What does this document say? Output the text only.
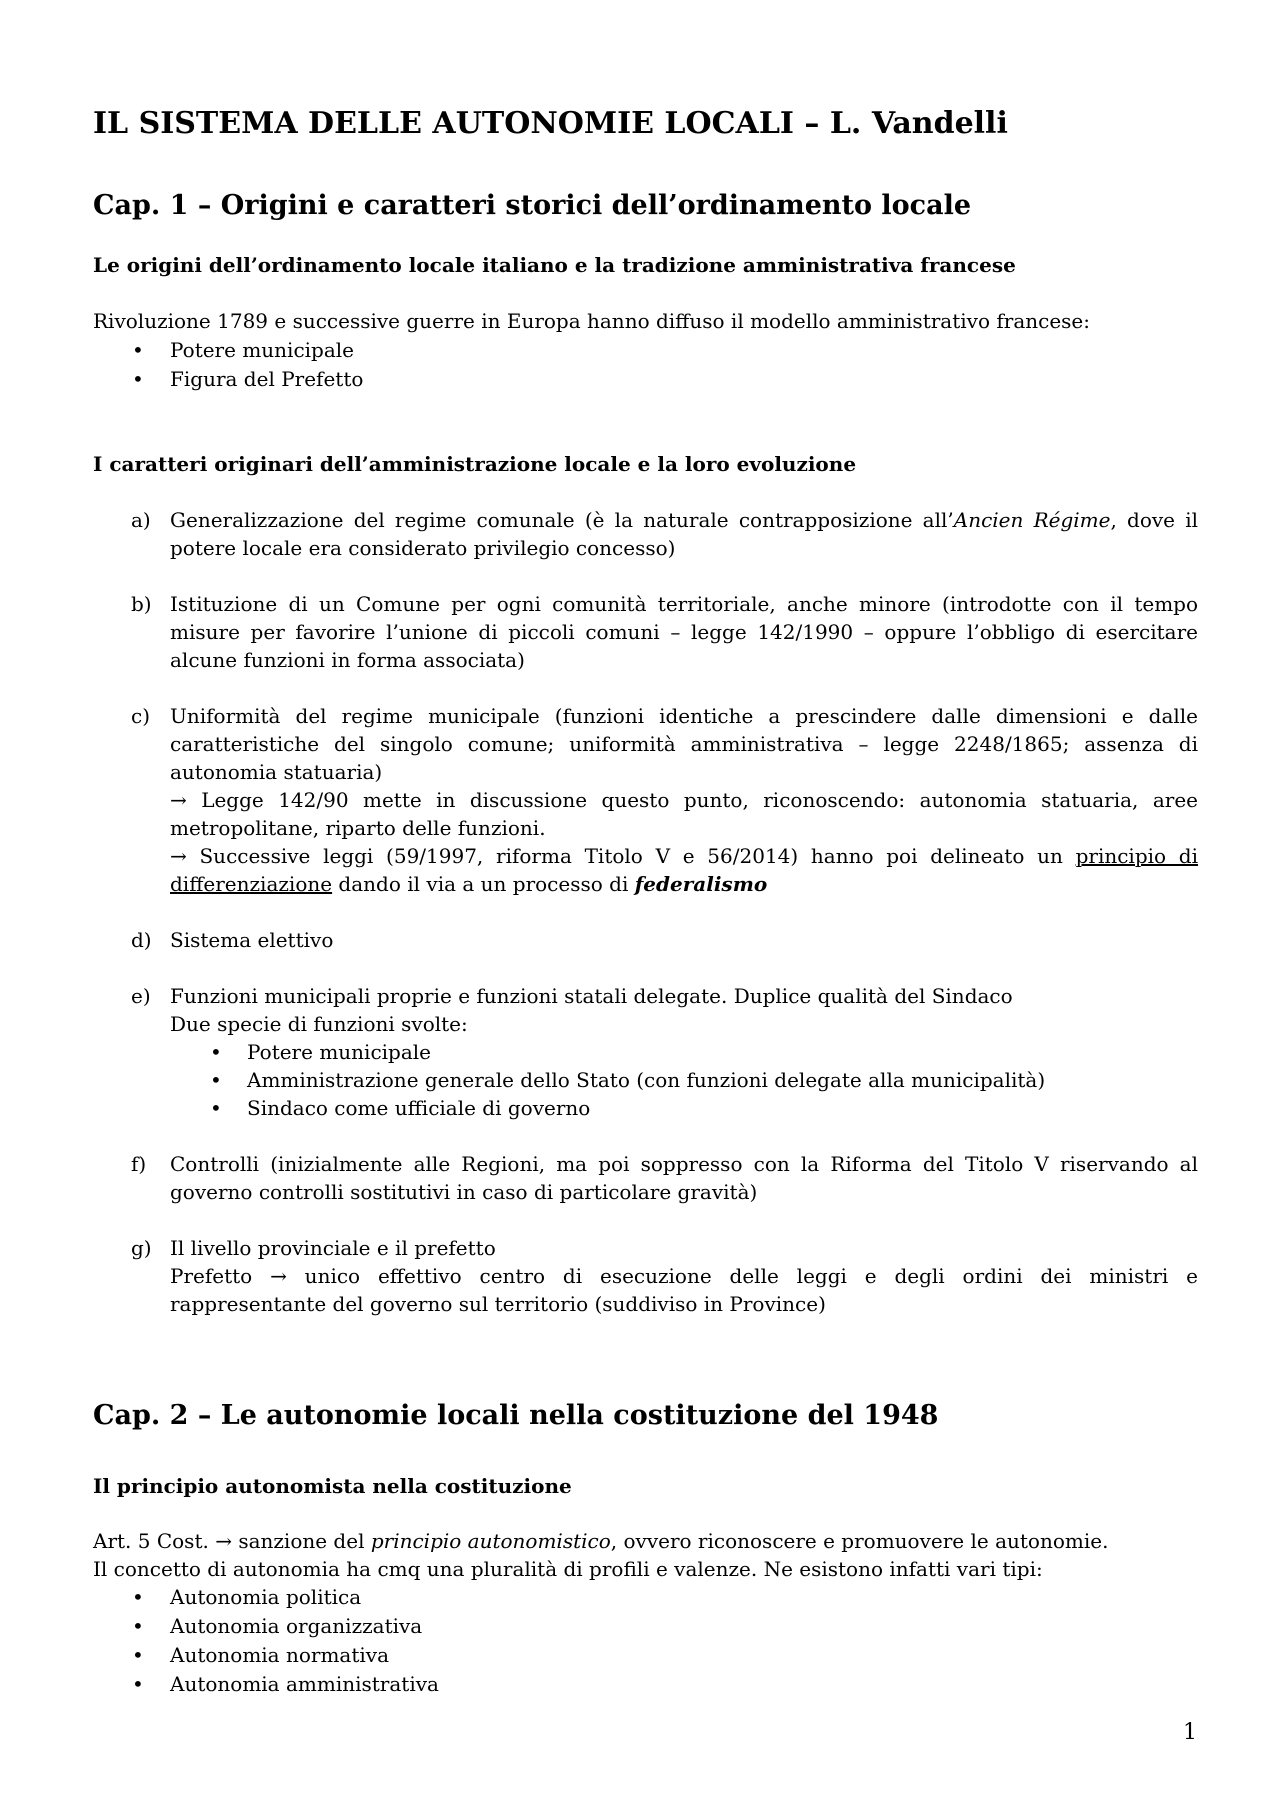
IL SISTEMA DELLE AUTONOMIE LOCALI – L. Vandelli
Cap. 1 – Origini e caratteri storici dell’ordinamento locale
Le origini dell’ordinamento locale italiano e la tradizione amministrativa francese
Rivoluzione 1789 e successive guerre in Europa hanno diffuso il modello amministrativo francese:
• Potere municipale
• Figura del Prefetto
I caratteri originari dell’amministrazione locale e la loro evoluzione
a) Generalizzazione del regime comunale (è la naturale contrapposizione all’Ancien Régime, dove il potere locale era considerato privilegio concesso)
b) Istituzione di un Comune per ogni comunità territoriale, anche minore (introdotte con il tempo misure per favorire l’unione di piccoli comuni – legge 142/1990 – oppure l’obbligo di esercitare alcune funzioni in forma associata)
c) Uniformità del regime municipale (funzioni identiche a prescindere dalle dimensioni e dalle caratteristiche del singolo comune; uniformità amministrativa – legge 2248/1865; assenza di autonomia statuaria)
→ Legge 142/90 mette in discussione questo punto, riconoscendo: autonomia statuaria, aree metropolitane, riparto delle funzioni.
→ Successive leggi (59/1997, riforma Titolo V e 56/2014) hanno poi delineato un principio di differenziazione dando il via a un processo di federalismo
d) Sistema elettivo
e) Funzioni municipali proprie e funzioni statali delegate. Duplice qualità del Sindaco
Due specie di funzioni svolte:
• Potere municipale
• Amministrazione generale dello Stato (con funzioni delegate alla municipalità)
• Sindaco come ufficiale di governo
f) Controlli (inizialmente alle Regioni, ma poi soppresso con la Riforma del Titolo V riservando al governo controlli sostitutivi in caso di particolare gravità)
g) Il livello provinciale e il prefetto
Prefetto → unico effettivo centro di esecuzione delle leggi e degli ordini dei ministri e rappresentante del governo sul territorio (suddiviso in Province)
Cap. 2 – Le autonomie locali nella costituzione del 1948
Il principio autonomista nella costituzione
Art. 5 Cost. → sanzione del principio autonomistico, ovvero riconoscere e promuovere le autonomie.
Il concetto di autonomia ha cmq una pluralità di profili e valenze. Ne esistono infatti vari tipi:
• Autonomia politica
• Autonomia organizzativa
• Autonomia normativa
• Autonomia amministrativa
1
